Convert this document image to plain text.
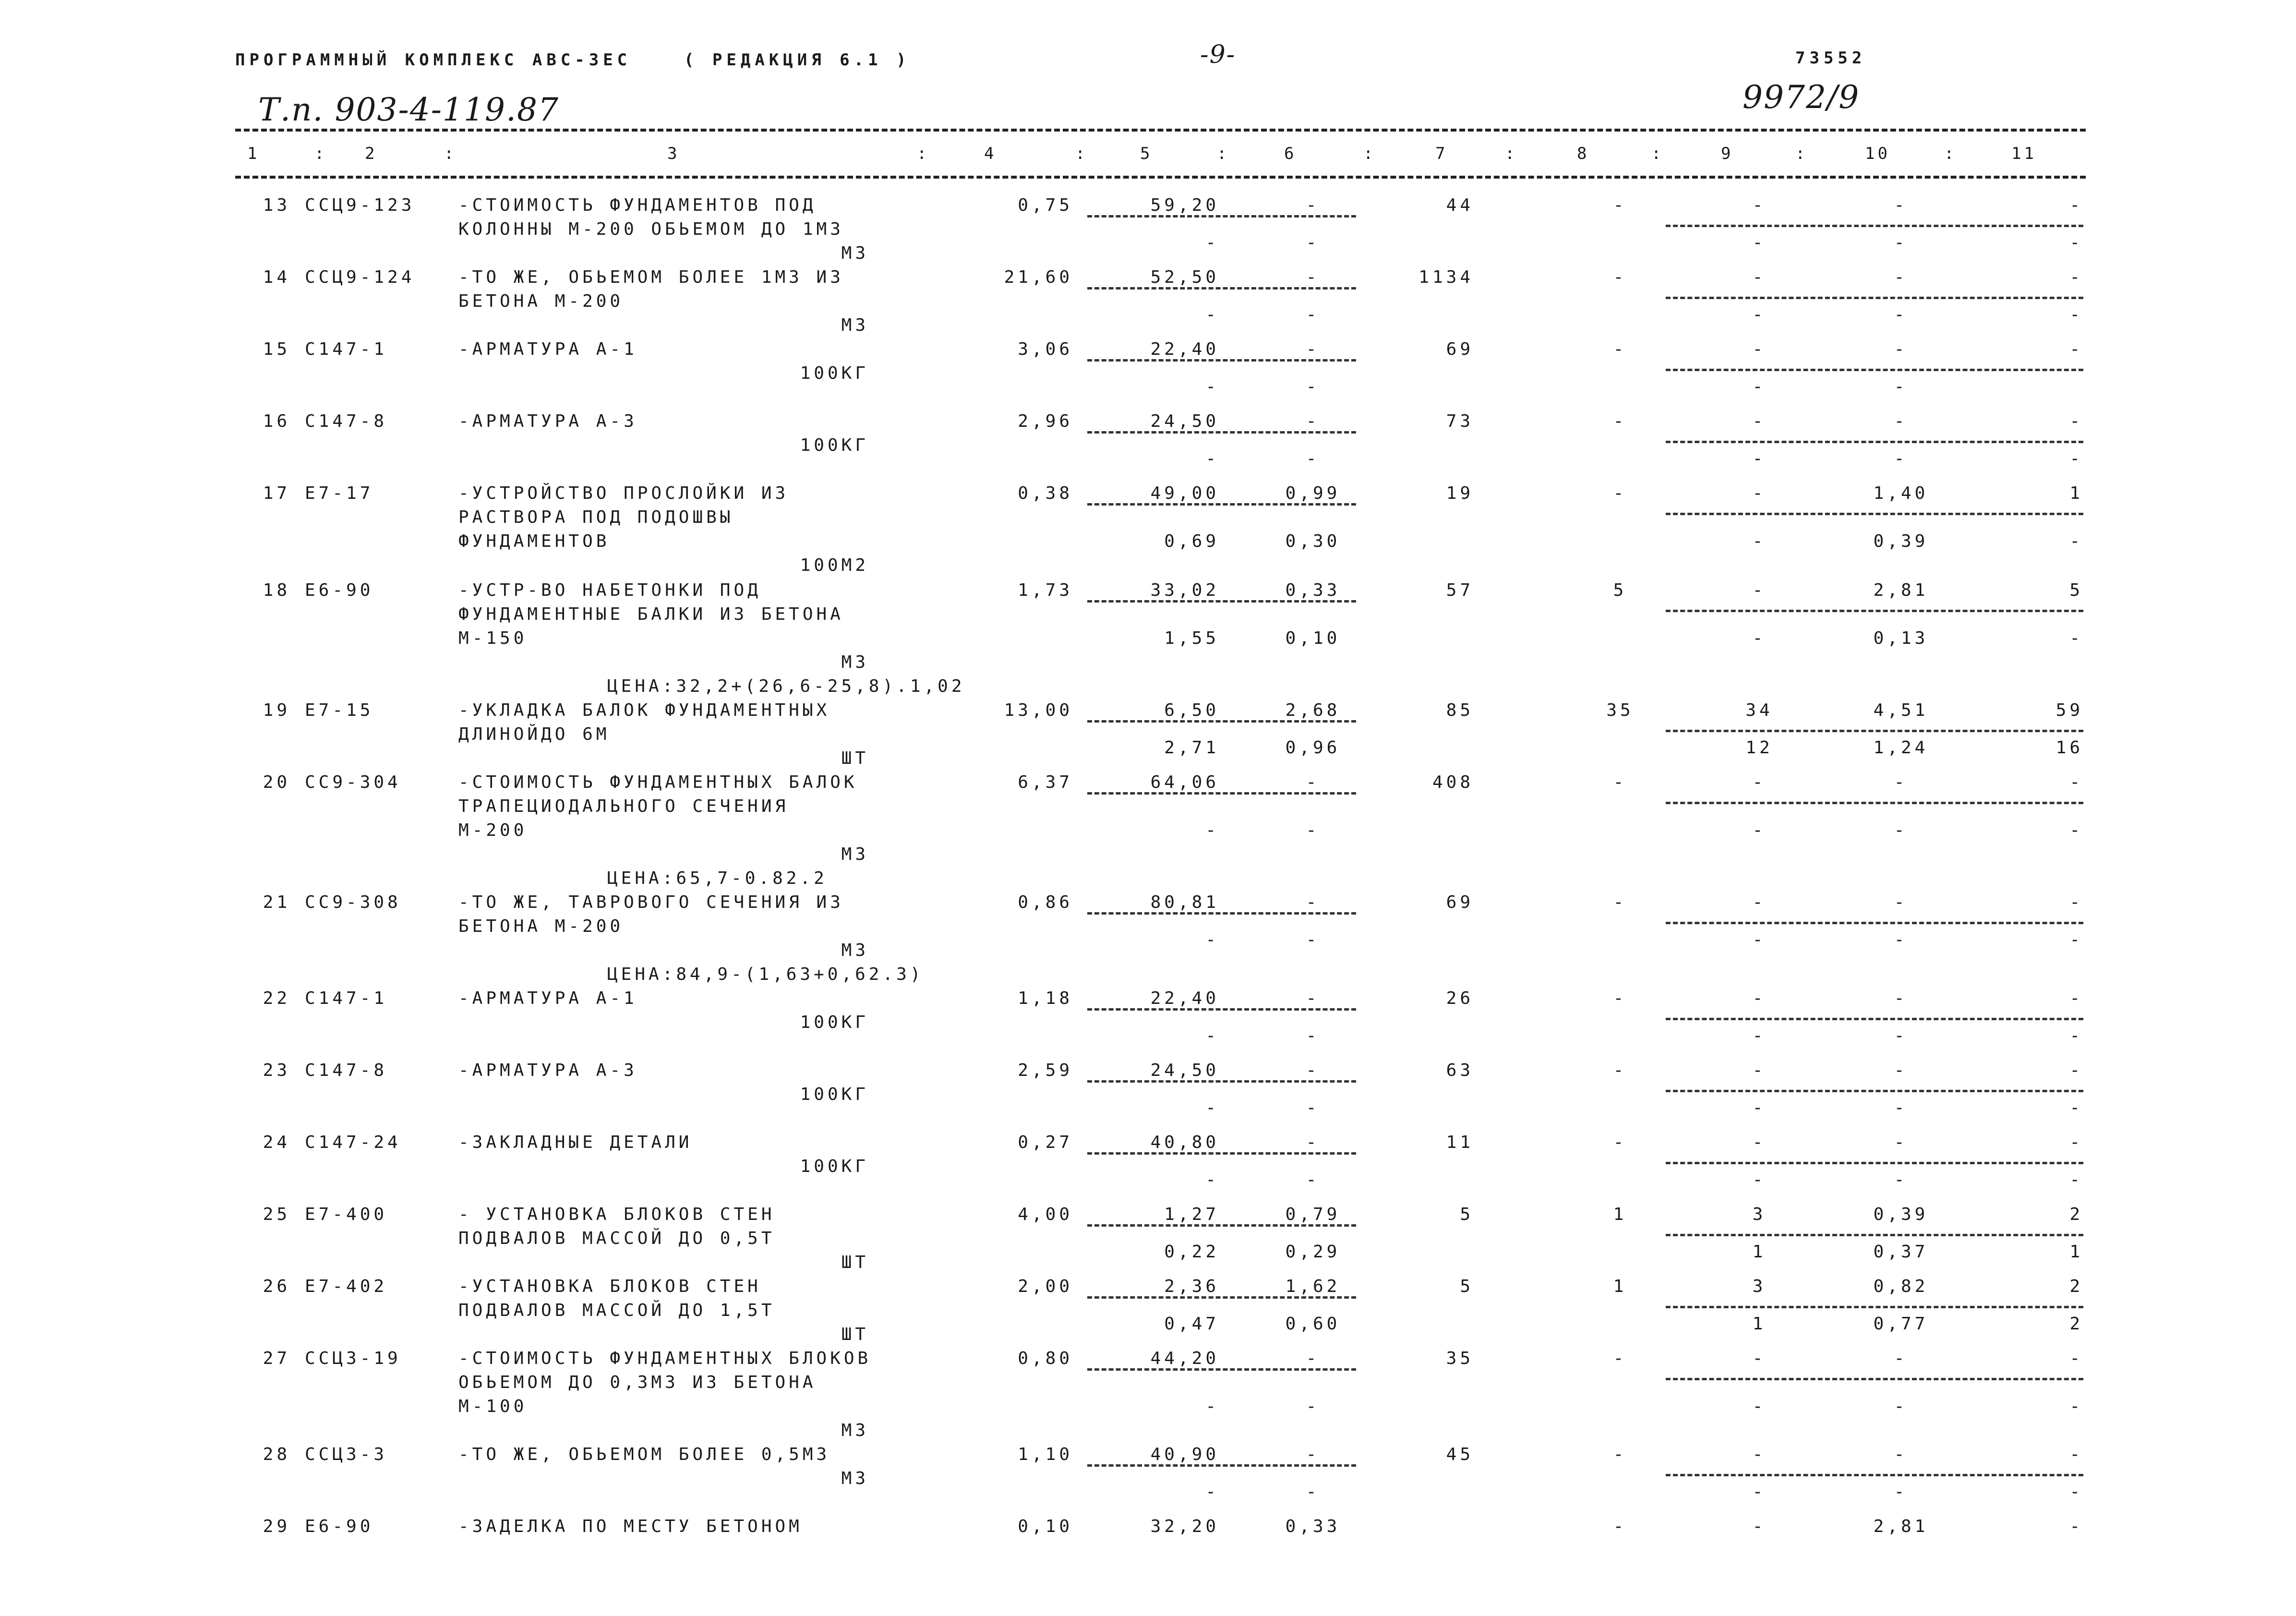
ПРОГРАММНЫЙ КОМПЛЕКС АВС-ЗЕС	( РЕДАКЦИЯ 6.1 )	-9-	73552
Т.п. 903-4-119.87	9972/9
1	2	3	4	5	6	7	8	9	10	11
:	:	:	:	:	:	:	:	:	:
13 ССЦ9-123	-СТОИМОСТЬ ФУНДАМЕНТОВ ПОД
КОЛОННЫ М-200 ОБЬЕМОМ ДО 1М3
М3
0,75	59,20	-	44	-	-	-	-
-	-	-	-	-
14 ССЦ9-124	-ТО ЖЕ, ОБЬЕМОМ БОЛЕЕ 1М3 ИЗ
БЕТОНА М-200
М3
21,60	52,50	-	1134	-	-	-	-
-	-	-	-	-
15 С147-1	-АРМАТУРА А-1
100КГ
3,06	22,40	-	69	-	-	-	-
-	-	-	-
16 С147-8	-АРМАТУРА А-3
100КГ
2,96	24,50	-	73	-	-	-	-
-	-	-	-	-
17 Е7-17	-УСТРОЙСТВО ПРОСЛОЙКИ ИЗ
РАСТВОРА ПОД ПОДОШВЫ
ФУНДАМЕНТОВ
100М2
0,38	49,00	0,99	19	-	-	1,40	1
0,69	0,30	-	0,39	-
18 Е6-90	-УСТР-ВО НАБЕТОНКИ ПОД
ФУНДАМЕНТНЫЕ БАЛКИ ИЗ БЕТОНА
М-150
М3
ЦЕНА:32,2+(26,6-25,8).1,02
1,73	33,02	0,33	57	5	-	2,81	5
1,55	0,10	-	0,13	-
19 Е7-15	-УКЛАДКА БАЛОК ФУНДАМЕНТНЫХ
ДЛИНОЙДО 6М
ШТ
13,00	6,50	2,68	85	35	34	4,51	59
2,71	0,96	12	1,24	16
20 СС9-304	-СТОИМОСТЬ ФУНДАМЕНТНЫХ БАЛОК
ТРАПЕЦИОДАЛЬНОГО СЕЧЕНИЯ
М-200
М3
ЦЕНА:65,7-0.82.2
6,37	64,06	-	408	-	-	-	-
-	-	-	-	-
21 СС9-308	-ТО ЖЕ, ТАВРОВОГО СЕЧЕНИЯ ИЗ
БЕТОНА М-200
М3
ЦЕНА:84,9-(1,63+0,62.3)
0,86	80,81	-	69	-	-	-	-
-	-	-	-	-
22 С147-1	-АРМАТУРА А-1
100КГ
1,18	22,40	-	26	-	-	-	-
-	-	-	-	-
23 С147-8	-АРМАТУРА А-3
100КГ
2,59	24,50	-	63	-	-	-	-
-	-	-	-	-
24 С147-24	-ЗАКЛАДНЫЕ ДЕТАЛИ
100КГ
0,27	40,80	-	11	-	-	-	-
-	-	-	-	-
25 Е7-400	- УСТАНОВКА БЛОКОВ СТЕН
ПОДВАЛОВ МАССОЙ ДО 0,5Т
ШТ
4,00	1,27	0,79	5	1	3	0,39	2
0,22	0,29	1	0,37	1
26 Е7-402	-УСТАНОВКА БЛОКОВ СТЕН
ПОДВАЛОВ МАССОЙ ДО 1,5Т
ШТ
2,00	2,36	1,62	5	1	3	0,82	2
0,47	0,60	1	0,77	2
27 ССЦ3-19	-СТОИМОСТЬ ФУНДАМЕНТНЫХ БЛОКОВ
ОБЬЕМОМ ДО 0,3М3 ИЗ БЕТОНА
М-100
М3
0,80	44,20	-	35	-	-	-	-
-	-	-	-	-
28 ССЦ3-3	-ТО ЖЕ, ОБЬЕМОМ БОЛЕЕ 0,5М3
М3
1,10	40,90	-	45	-	-	-	-
-	-	-	-	-
29 Е6-90	-ЗАДЕЛКА ПО МЕСТУ БЕТОНОМ	0,10	32,20	0,33	-	-	2,81	-
